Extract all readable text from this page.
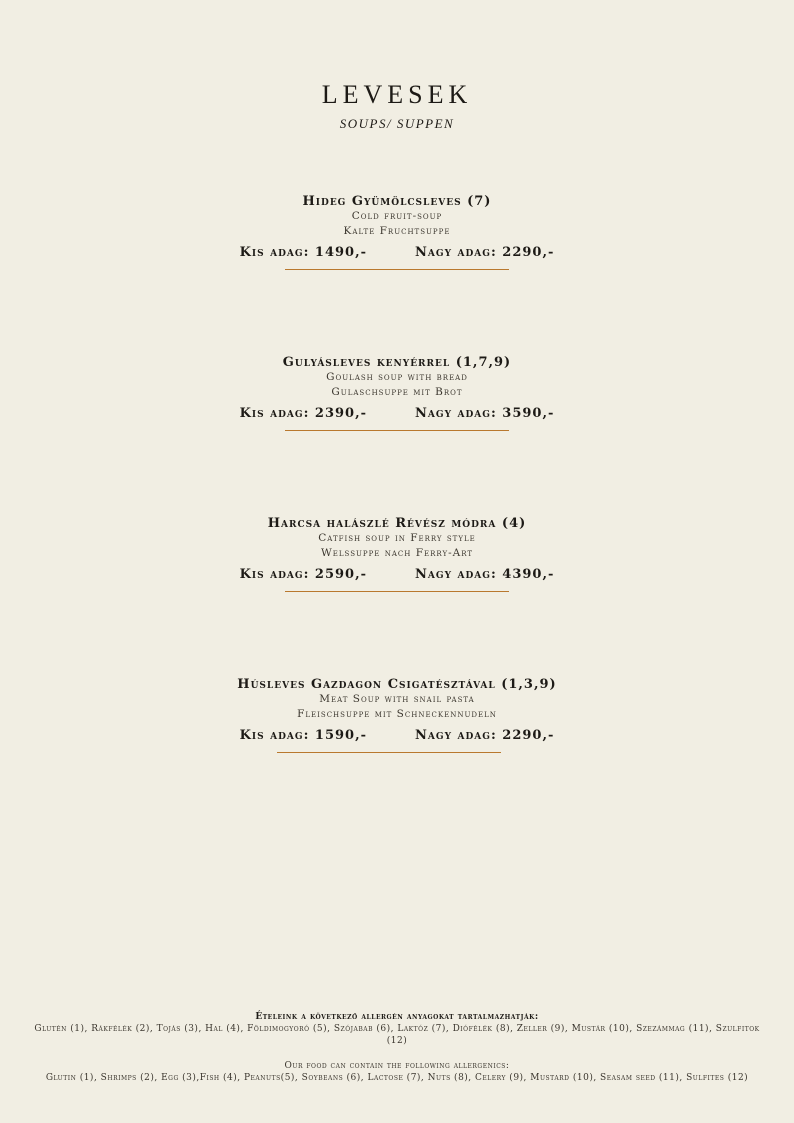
LEVESEK
SOUPS/ SUPPEN
Hideg Gyümölcsleves (7)
Cold fruit-soup
Kalte Fruchtsuppe
Kis adag: 1490,-	Nagy adag: 2290,-
Gulyásleves kenyérrel (1,7,9)
Goulash soup with bread
Gulaschsuppe mit Brot
Kis adag: 2390,-	Nagy adag: 3590,-
Harcsa halászlé Révész módra (4)
Catfish soup in Ferry style
Welssuppe nach Ferry-Art
Kis adag: 2590,-	Nagy adag: 4390,-
Húsleves Gazdagon Csigatésztával (1,3,9)
Meat Soup with snail pasta
Fleischsuppe mit Schneckennudeln
Kis adag: 1590,-	Nagy adag: 2290,-
Ételeink a következő allergén anyagokat tartalmazhatják:
Glutén (1), Rákfélék (2), Tojás (3), Hal (4), Földimogyoró (5), Szójabab (6), Laktóz (7), Diófélék (8), Zeller (9), Mustár (10), Szezámmag (11), Szulfitok (12)
Our food can contain the following allergenics:
Glutin (1), Shrimps (2), Egg (3),Fish (4), Peanuts(5), Soybeans (6), Lactose (7), Nuts (8), Celery (9), Mustard (10), Seasam seed (11), Sulfites (12)
